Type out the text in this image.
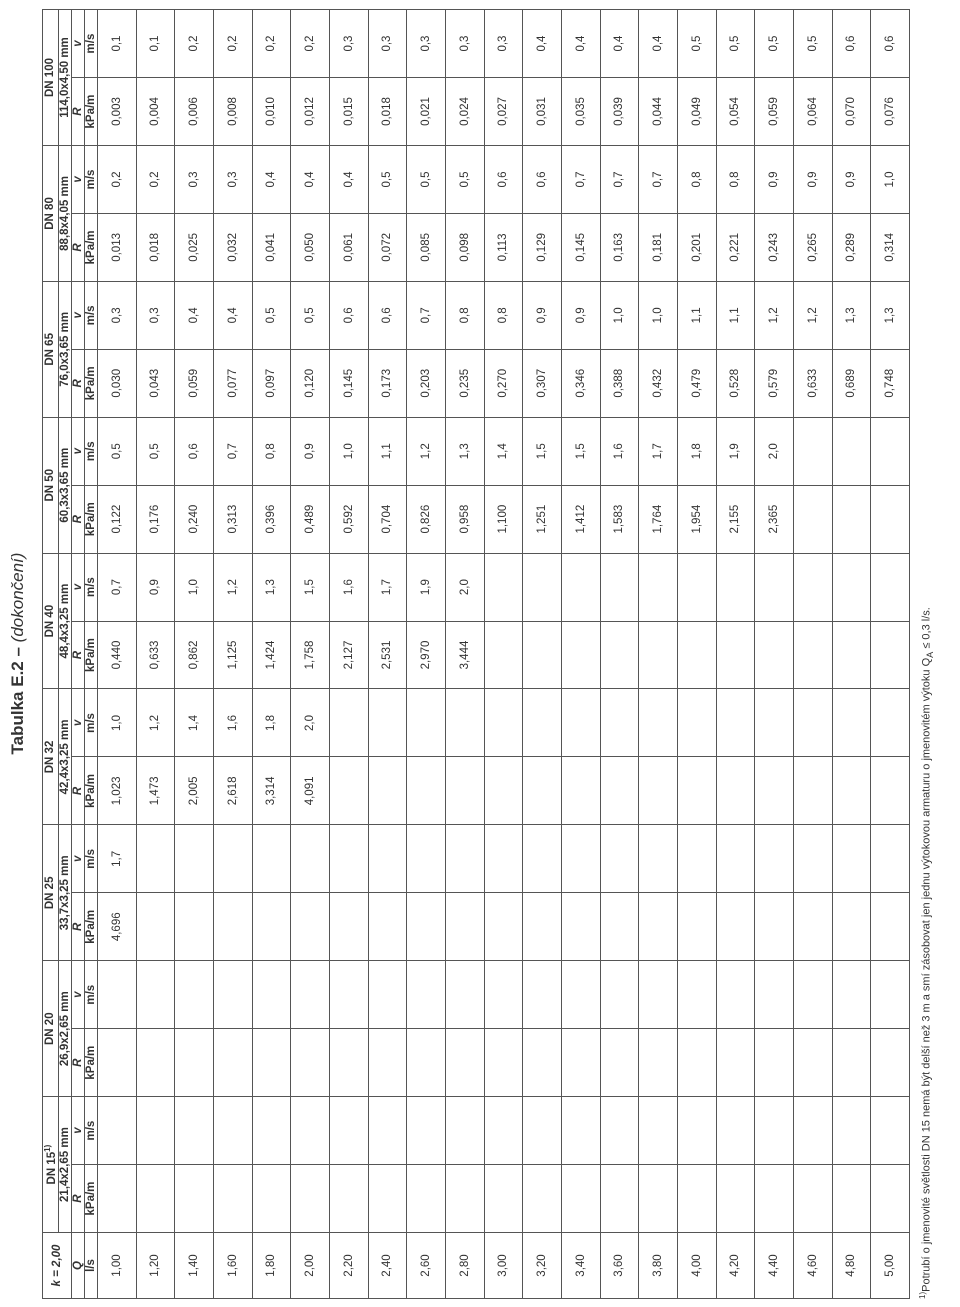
Tabulka E.2 – (dokončení)
k = 2,00	DN 15$^{1)}$		DN 20		DN 25		DN 32		DN 40		DN 50		DN 65		DN 80		DN 100	
	21,4x2,65 mm		26,9x2,65 mm		33,7x3,25 mm		42,4x3,25 mm		48,4x3,25 mm		60,3x3,65 mm		76,0x3,65 mm		88,8x4,05 mm		114,0x4,50 mm	
Q	R	v	R	v	R	v	R	v	R	v	R	v	R	v	R	v	R	v
l/s	kPa/m	m/s	kPa/m	m/s	kPa/m	m/s	kPa/m	m/s	kPa/m	m/s	kPa/m	m/s	kPa/m	m/s	kPa/m	m/s	kPa/m	m/s
1,00					4,696	1,7	1,023	1,0	0,440	0,7	0,122	0,5	0,030	0,3	0,013	0,2	0,003	0,1
1,20							1,473	1,2	0,633	0,9	0,176	0,5	0,043	0,3	0,018	0,2	0,004	0,1
1,40							2,005	1,4	0,862	1,0	0,240	0,6	0,059	0,4	0,025	0,3	0,006	0,2
1,60							2,618	1,6	1,125	1,2	0,313	0,7	0,077	0,4	0,032	0,3	0,008	0,2
1,80							3,314	1,8	1,424	1,3	0,396	0,8	0,097	0,5	0,041	0,4	0,010	0,2
2,00							4,091	2,0	1,758	1,5	0,489	0,9	0,120	0,5	0,050	0,4	0,012	0,2
2,20									2,127	1,6	0,592	1,0	0,145	0,6	0,061	0,4	0,015	0,3
2,40									2,531	1,7	0,704	1,1	0,173	0,6	0,072	0,5	0,018	0,3
2,60									2,970	1,9	0,826	1,2	0,203	0,7	0,085	0,5	0,021	0,3
2,80									3,444	2,0	0,958	1,3	0,235	0,8	0,098	0,5	0,024	0,3
3,00											1,100	1,4	0,270	0,8	0,113	0,6	0,027	0,3
3,20											1,251	1,5	0,307	0,9	0,129	0,6	0,031	0,4
3,40											1,412	1,5	0,346	0,9	0,145	0,7	0,035	0,4
3,60											1,583	1,6	0,388	1,0	0,163	0,7	0,039	0,4
3,80											1,764	1,7	0,432	1,0	0,181	0,7	0,044	0,4
4,00											1,954	1,8	0,479	1,1	0,201	0,8	0,049	0,5
4,20											2,155	1,9	0,528	1,1	0,221	0,8	0,054	0,5
4,40											2,365	2,0	0,579	1,2	0,243	0,9	0,059	0,5
4,60													0,633	1,2	0,265	0,9	0,064	0,5
4,80													0,689	1,3	0,289	0,9	0,070	0,6
5,00													0,748	1,3	0,314	1,0	0,076	0,6
$^{1)}$Potrubí o jmenovité světlosti DN 15 nemá být delší než 3 m a smí zásobovat jen jednu výtokovou armaturu o jmenovitém výtoku $Q_A \le 0,3$ l/s.
